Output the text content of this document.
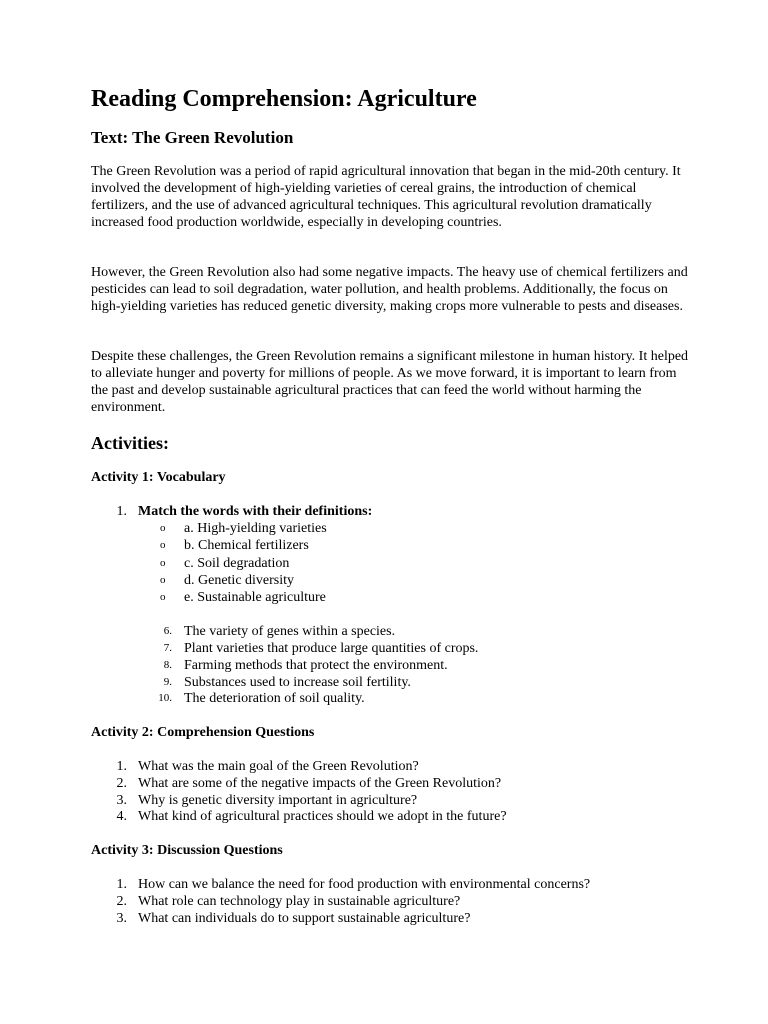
Reading Comprehension: Agriculture
Text: The Green Revolution

The Green Revolution was a period of rapid agricultural innovation that began in the mid-20th century. It involved the development of high-yielding varieties of cereal grains, the introduction of chemical fertilizers, and the use of advanced agricultural techniques. This agricultural revolution dramatically increased food production worldwide, especially in developing countries.

However, the Green Revolution also had some negative impacts. The heavy use of chemical fertilizers and pesticides can lead to soil degradation, water pollution, and health problems. Additionally, the focus on high-yielding varieties has reduced genetic diversity, making crops more vulnerable to pests and diseases.

Despite these challenges, the Green Revolution remains a significant milestone in human history. It helped to alleviate hunger and poverty for millions of people. As we move forward, it is important to learn from the past and develop sustainable agricultural practices that can feed the world without harming the environment.

Activities:
Activity 1: Vocabulary
1. Match the words with their definitions:
o a. High-yielding varieties
o b. Chemical fertilizers
o c. Soil degradation
o d. Genetic diversity
o e. Sustainable agriculture
6. The variety of genes within a species.
7. Plant varieties that produce large quantities of crops.
8. Farming methods that protect the environment.
9. Substances used to increase soil fertility.
10. The deterioration of soil quality.
Activity 2: Comprehension Questions
1. What was the main goal of the Green Revolution?
2. What are some of the negative impacts of the Green Revolution?
3. Why is genetic diversity important in agriculture?
4. What kind of agricultural practices should we adopt in the future?
Activity 3: Discussion Questions
1. How can we balance the need for food production with environmental concerns?
2. What role can technology play in sustainable agriculture?
3. What can individuals do to support sustainable agriculture?
